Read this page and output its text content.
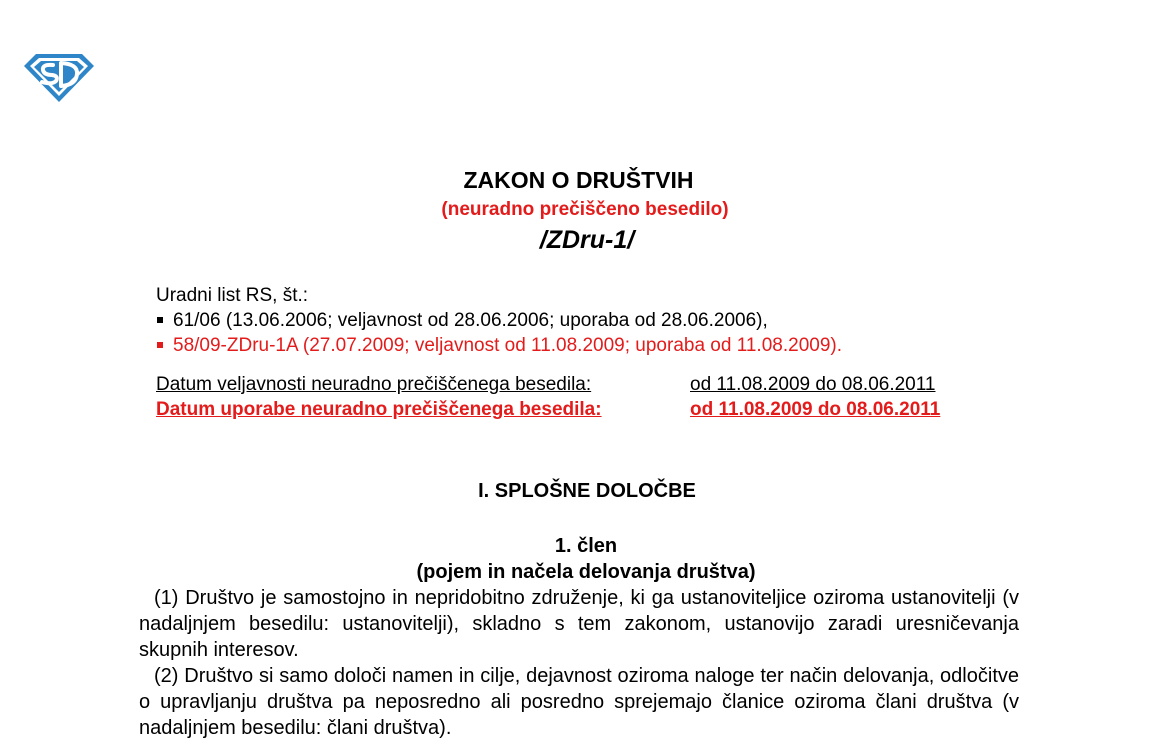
ZAKON O DRUŠTVIH
(neuradno prečiščeno besedilo)
/ZDru-1/
Uradni list RS, št.:
61/06 (13.06.2006; veljavnost od 28.06.2006; uporaba od 28.06.2006),
58/09-ZDru-1A (27.07.2009; veljavnost od 11.08.2009; uporaba od 11.08.2009).
Datum veljavnosti neuradno prečiščenega besedila:	od 11.08.2009 do 08.06.2011
Datum uporabe neuradno prečiščenega besedila:	od 11.08.2009 do 08.06.2011
I. SPLOŠNE DOLOČBE
1. člen
(pojem in načela delovanja društva)

(1) Društvo je samostojno in nepridobitno združenje, ki ga ustanoviteljice oziroma ustanovitelji (v nadaljnjem besedilu: ustanovitelji), skladno s tem zakonom, ustanovijo zaradi uresničevanja skupnih interesov.

(2) Društvo si samo določi namen in cilje, dejavnost oziroma naloge ter način delovanja, odločitve o upravljanju društva pa neposredno ali posredno sprejemajo članice oziroma člani društva (v nadaljnjem besedilu: člani društva).
